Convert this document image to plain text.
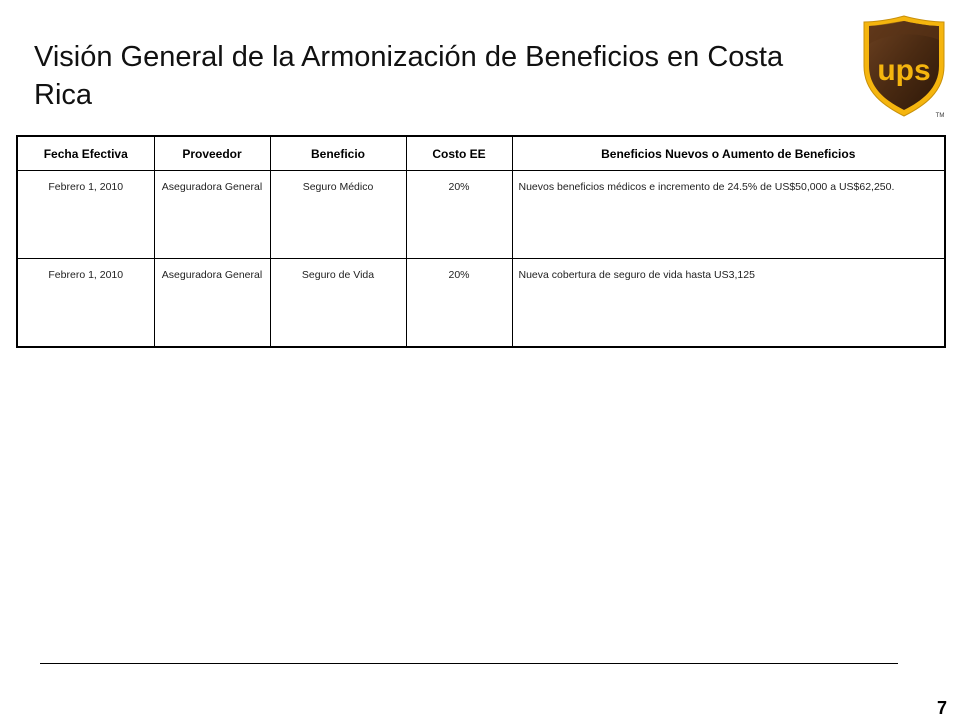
Visión General de la Armonización de Beneficios en Costa Rica
ups
TM
Fecha Efectiva	Proveedor	Beneficio	Costo EE	Beneficios Nuevos o Aumento de Beneficios
Febrero 1, 2010	Aseguradora General	Seguro Médico	20%	Nuevos beneficios médicos e incremento de 24.5% de US$50,000 a US$62,250.
Febrero 1, 2010	Aseguradora General	Seguro de Vida	20%	Nueva cobertura de seguro de vida hasta US3,125
7
